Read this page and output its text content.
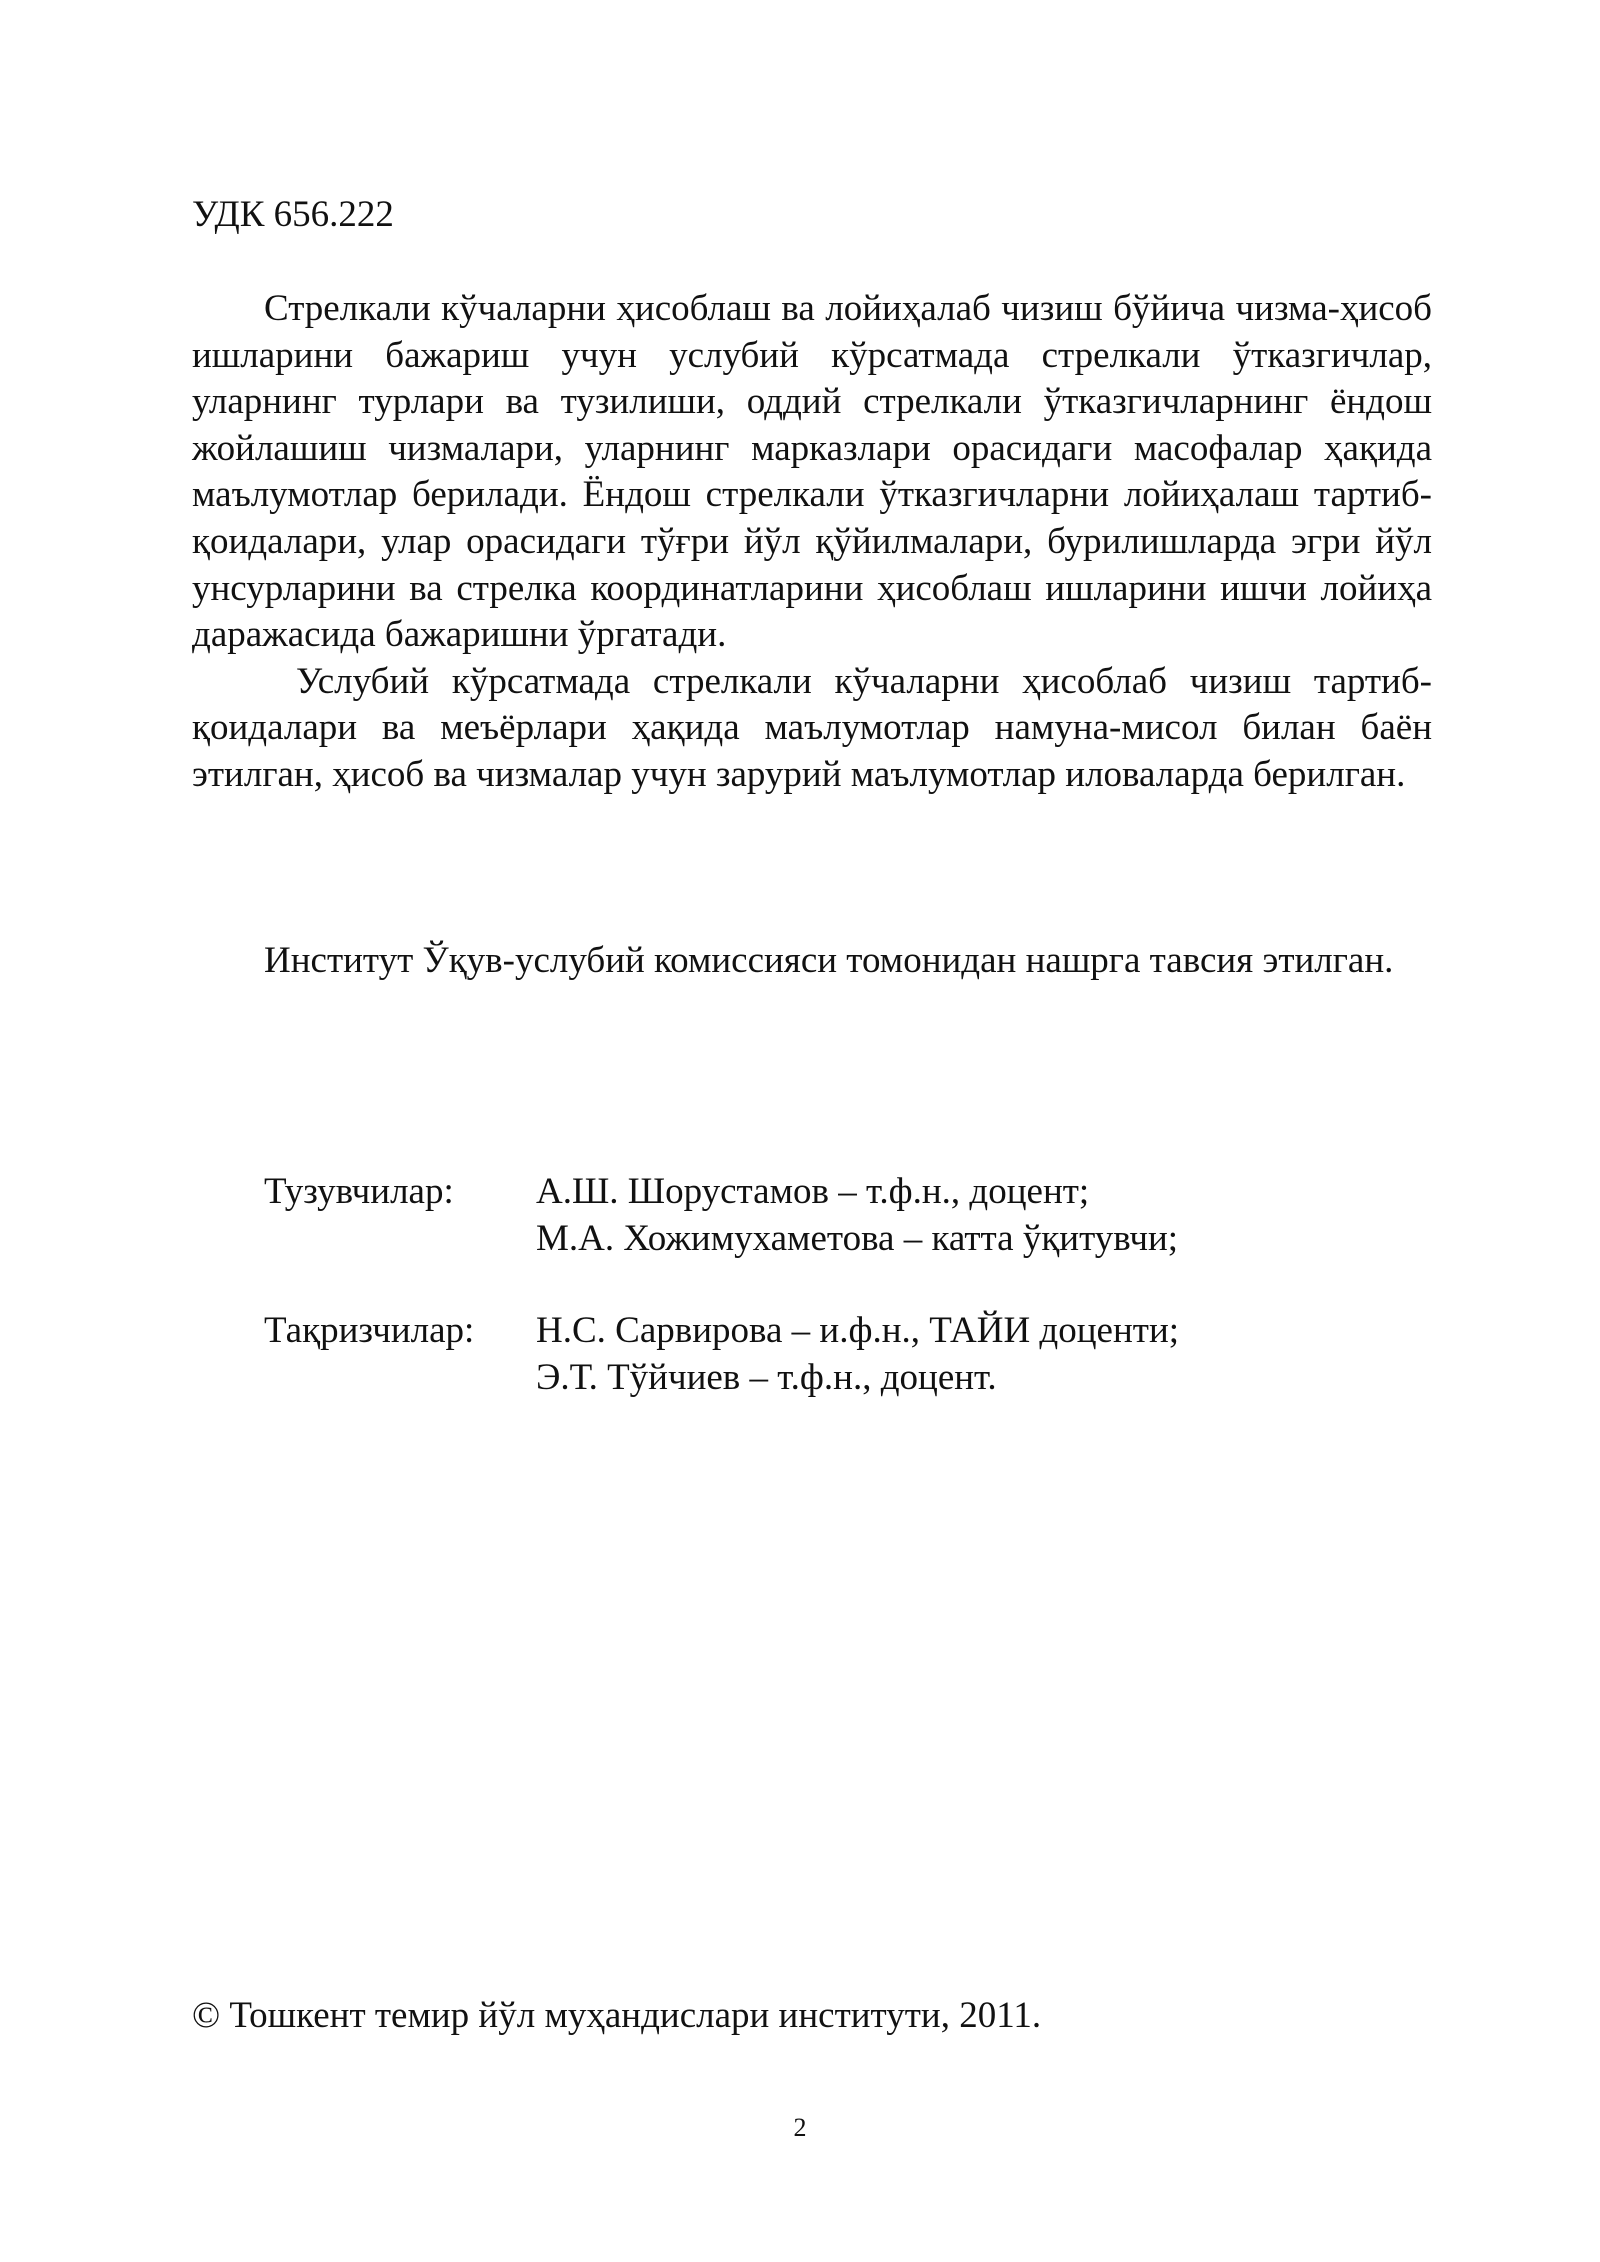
УДК 656.222

Стрелкали кўчаларни ҳисоблаш ва лойиҳалаб чизиш бўйича чизма-ҳисоб ишларини бажариш учун услубий кўрсатмада стрелкали ўтказгичлар, уларнинг турлари ва тузилиши, оддий стрелкали ўтказгичларнинг ёндош жойлашиш чизмалари, уларнинг марказлари орасидаги масофалар ҳақида маълумотлар берилади. Ёндош стрелкали ўтказгичларни лойиҳалаш тартиб-қоидалари, улар орасидаги тўғри йўл қўйилмалари, бурилишларда эгри йўл унсурларини ва стрелка координатларини ҳисоблаш ишларини ишчи лойиҳа даражасида бажаришни ўргатади.

Услубий кўрсатмада стрелкали кўчаларни ҳисоблаб чизиш тартиб-қоидалари ва меъёрлари ҳақида маълумотлар намуна-мисол билан баён этилган, ҳисоб ва чизмалар учун зарурий маълумотлар иловаларда берилган.

Институт Ўқув-услубий комиссияси томонидан нашрга тавсия этилган.

Тузувчилар: А.Ш. Шорустамов – т.ф.н., доцент;
М.А. Хожимухаметова – катта ўқитувчи;
Тақризчилар: Н.С. Сарвирова – и.ф.н., ТАЙИ доценти;
Э.Т. Тўйчиев – т.ф.н., доцент.
© Тошкент темир йўл муҳандислари институти, 2011.
2
